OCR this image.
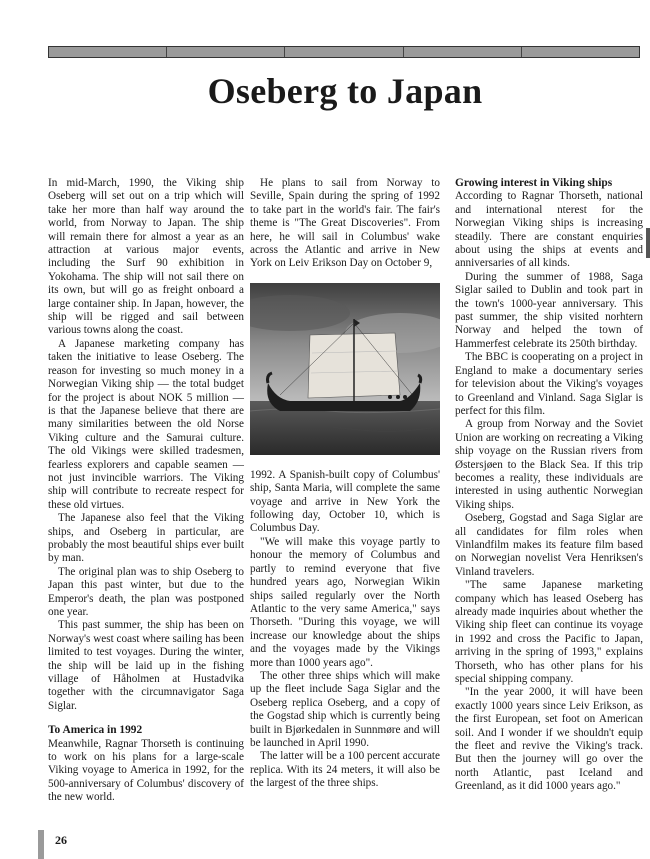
Oseberg to Japan

In mid-March, 1990, the Viking ship Oseberg will set out on a trip which will take her more than half way around the world, from Norway to Japan. The ship will remain there for almost a year as an attraction at various major events, including the Surf 90 exhibition in Yokohama. The ship will not sail there on its own, but will go as freight onboard a large container ship. In Japan, however, the ship will be rigged and sail between various towns along the coast.

A Japanese marketing company has taken the initiative to lease Oseberg. The reason for investing so much money in a Norwegian Viking ship — the total budget for the project is about NOK 5 million — is that the Japanese believe that there are many similarities between the old Norse Viking culture and the Samurai culture. The old Vikings were skilled tradesmen, fearless explorers and capable seamen — not just invincible warriors. The Viking ship will contribute to recreate respect for these old virtues.

The Japanese also feel that the Viking ships, and Oseberg in particular, are probably the most beautiful ships ever built by man.

The original plan was to ship Oseberg to Japan this past winter, but due to the Emperor's death, the plan was postponed one year.

This past summer, the ship has been on Norway's west coast where sailing has been limited to test voyages. During the winter, the ship will be laid up in the fishing village of Håholmen at Hustadvika together with the circumnavigator Saga Siglar.

To America in 1992

Meanwhile, Ragnar Thorseth is continuing to work on his plans for a large-scale Viking voyage to America in 1992, for the 500-anniversary of Columbus' discovery of the new world.

He plans to sail from Norway to Seville, Spain during the spring of 1992 to take part in the world's fair. The fair's theme is "The Great Discoveries". From here, he will sail in Columbus' wake across the Atlantic and arrive in New York on Leiv Erikson Day on October 9,

1992. A Spanish-built copy of Columbus' ship, Santa Maria, will complete the same voyage and arrive in New York the following day, October 10, which is Columbus Day.

"We will make this voyage partly to honour the memory of Columbus and partly to remind everyone that five hundred years ago, Norwegian Wikin ships sailed regularly over the North Atlantic to the very same America," says Thorseth. "During this voyage, we will increase our knowledge about the ships and the voyages made by the Vikings more than 1000 years ago".

The other three ships which will make up the fleet include Saga Siglar and the Oseberg replica Oseberg, and a copy of the Gogstad ship which is currently being built in Bjørkedalen in Sunnmøre and will be launched in April 1990.

The latter will be a 100 percent accurate replica. With its 24 meters, it will also be the largest of the three ships.

Growing interest in Viking ships

According to Ragnar Thorseth, national and international nterest for the Norwegian Viking ships is increasing steadily. There are constant enquiries about using the ships at events and anniversaries of all kinds.

During the summer of 1988, Saga Siglar sailed to Dublin and took part in the town's 1000-year anniversary. This past summer, the ship visited norhtern Norway and helped the town of Hammerfest celebrate its 250th birthday.

The BBC is cooperating on a project in England to make a documentary series for television about the Viking's voyages to Greenland and Vinland. Saga Siglar is perfect for this film.

A group from Norway and the Soviet Union are working on recreating a Viking ship voyage on the Russian rivers from Østersjøen to the Black Sea. If this trip becomes a reality, these individuals are interested in using authentic Norwegian Viking ships.

Oseberg, Gogstad and Saga Siglar are all candidates for film roles when Vinlandfilm makes its feature film based on Norwegian novelist Vera Henriksen's Vinland travelers.

"The same Japanese marketing company which has leased Oseberg has already made inquiries about whether the Viking ship fleet can continue its voyage in 1992 and cross the Pacific to Japan, arriving in the spring of 1993," explains Thorseth, who has other plans for his special shipping company.

"In the year 2000, it will have been exactly 1000 years since Leiv Erikson, as the first European, set foot on American soil. And I wonder if we shouldn't equip the fleet and revive the Viking's track. But then the journey will go over the north Atlantic, past Iceland and Greenland, as it did 1000 years ago."

26
